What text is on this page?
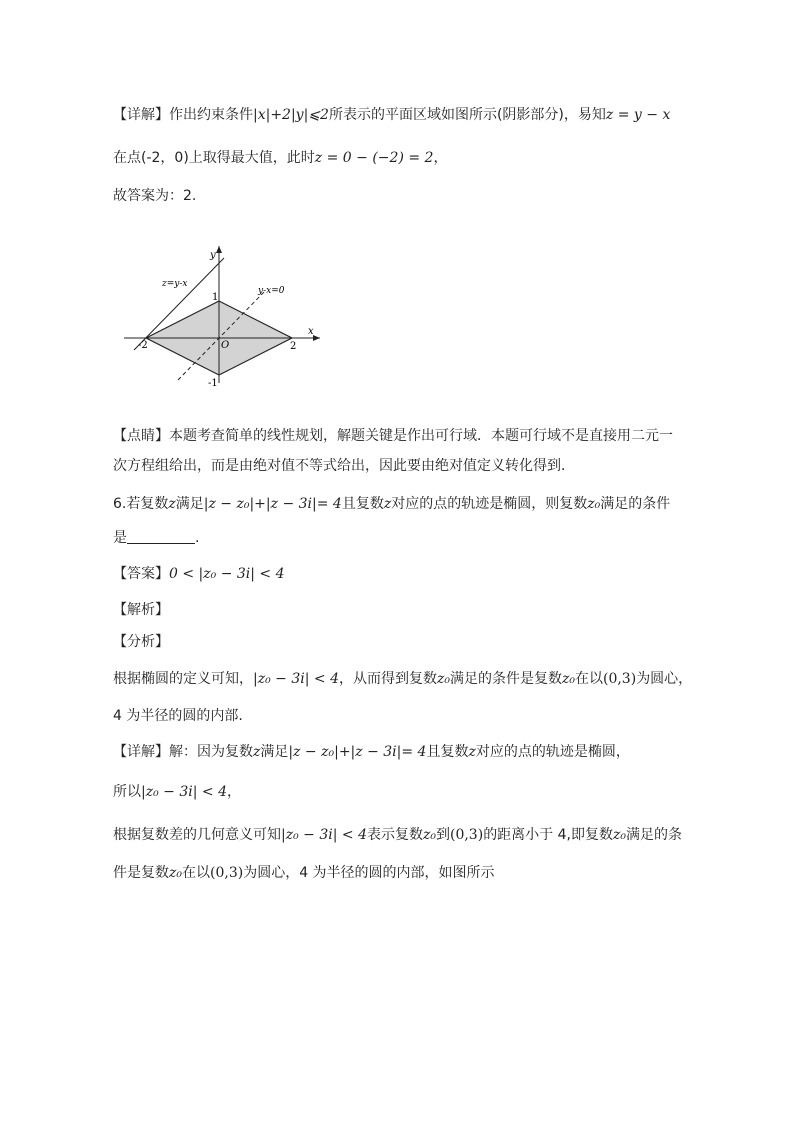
【详解】作出约束条件|x|+2|y|⩽2所表示的平面区域如图所示(阴影部分)，易知z = y − x
在点(-2，0)上取得最大值，此时z = 0 − (−2) = 2，
故答案为：2.
y
x
O
z=y-x
y-x=0
1
-1
-2	2
【点睛】本题考查简单的线性规划，解题关键是作出可行域．本题可行域不是直接用二元一
次方程组给出，而是由绝对值不等式给出，因此要由绝对值定义转化得到．
6.若复数z满足|z − z₀|+|z − 3i|= 4且复数z对应的点的轨迹是椭圆，则复数z₀满足的条件
是	.
【答案】0 < |z₀ − 3i| < 4
【解析】
【分析】
根据椭圆的定义可知，|z₀ − 3i| < 4，从而得到复数z₀满足的条件是复数z₀在以(0,3)为圆心，
4 为半径的圆的内部.
【详解】解：因为复数z满足|z − z₀|+|z − 3i|= 4且复数z对应的点的轨迹是椭圆，
所以|z₀ − 3i| < 4，
根据复数差的几何意义可知|z₀ − 3i| < 4表示复数z₀到(0,3)的距离小于 4,即复数z₀满足的条
件是复数z₀在以(0,3)为圆心，4 为半径的圆的内部，如图所示
